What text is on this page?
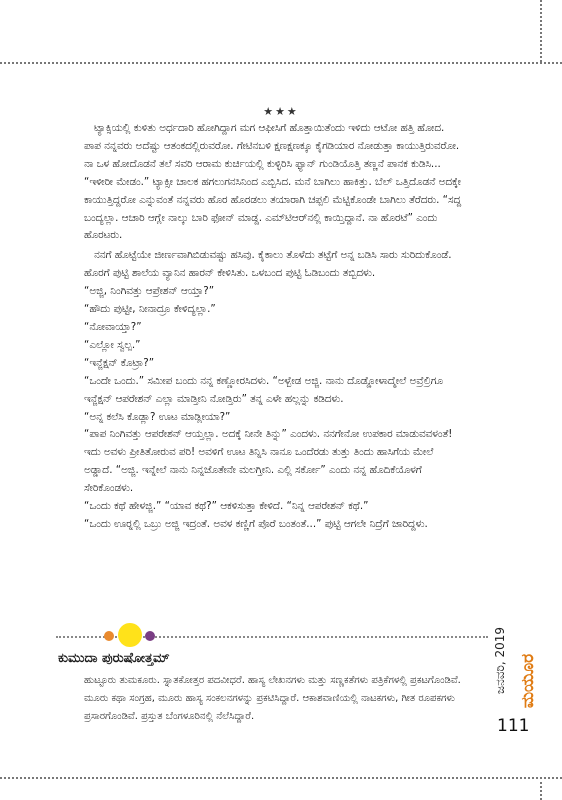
★★★

ಟ್ಯಾಕ್ಸಿಯಲ್ಲಿ ಕುಳಿತು ಅರ್ಧದಾರಿ ಹೋಗಿದ್ದಾಗ ಮಗ ಆಫೀಸಿಗೆ ಹೊತ್ತಾಯಿತೆಂದು ಇಳಿದು ಆಟೋ ಹತ್ತಿ ಹೋದ. ಪಾಪ ನನ್ನವರು ಅದೆಷ್ಟು ಆತಂಕದಲ್ಲಿರುವರೋ. ಗೇಟಿನಬಳಿ ಕ್ಷಣಕ್ಷಣಕ್ಕೂ ಕೈಗಡಿಯಾರ ನೋಡುತ್ತಾ ಕಾಯುತ್ತಿರುವರೋ. ನಾ ಒಳ ಹೋದೊಡನೆ ತಲೆ ಸವರಿ ಆರಾಮ ಕುರ್ಚಿಯಲ್ಲಿ ಕುಳ್ಳಿರಿಸಿ ಫ್ಯಾನ್ ಗುಂಡಿಯೊತ್ತಿ ತಣ್ಣನೆ ಪಾನಕ ಕುಡಿಸಿ... “ಇಳೀರೀ ಮೇಡಂ.” ಟ್ಯಾಕ್ಸೀ ಚಾಲಕ ಹಗಲುಗನಸಿನಿಂದ ಎಬ್ಬಿಸಿದ. ಮನೆ ಬಾಗಿಲು ಹಾಕಿತ್ತು. ಬೆಲ್ ಒತ್ತಿದೊಡನೆ ಅದಕ್ಕೇ ಕಾಯುತ್ತಿದ್ದರೋ ಎನ್ನುವಂತೆ ನನ್ನವರು ಹೊರ ಹೊರಡಲು ತಯಾರಾಗಿ ಚಪ್ಪಲಿ ಮೆಟ್ಟಿಕೊಂಡೇ ಬಾಗಿಲು ತೆರೆದರು. “ಸದ್ದ ಬಂದ್ಯಲ್ಲಾ. ಆಚಾರಿ ಆಗ್ಲೇ ನಾಲ್ಕು ಬಾರಿ ಫೋನ್ ಮಾಡ್ದ. ಎಮ್‌ಟಿಆರ್‌ನಲ್ಲಿ ಕಾಯ್ತಿದ್ದಾನೆ. ನಾ ಹೊರಟೆ” ಎಂದು ಹೊರಟರು.

ನನಗೆ ಹೊಟ್ಟೆಯೇ ಜೀರ್ಣವಾಗಿಬಿಡುವಷ್ಟು ಹಸಿವು. ಕೈಕಾಲು ತೊಳೆದು ತಟ್ಟೆಗೆ ಅನ್ನ ಬಡಿಸಿ ಸಾರು ಸುರಿದುಕೊಂಡೆ. ಹೊರಗೆ ಪುಟ್ಟಿ ಶಾಲೆಯ ವ್ಯಾನಿನ ಹಾರನ್ ಕೇಳಿಸಿತು. ಒಳಬಂದ ಪುಟ್ಟಿ ಓಡಿಬಂದು ತಬ್ಬಿದಳು.

“ಅಜ್ಜಿ, ನಿಂಗಿವತ್ತು ಆಪ್ರೇಶನ್ ಆಯ್ತಾ?”

“ಹೌದು ಪುಟ್ಟೀ, ನೀನಾದ್ರೂ ಕೇಳಿದ್ಯಲ್ಲಾ.”

“ನೋವಾಯ್ತಾ?”

“ಎಲ್ಲೋ ಸ್ವಲ್ಪ.”

“ಇನ್ಜೆಕ್ಷನ್ ಕೊಟ್ರಾ?”

“ಒಂದೇ ಒಂದು.” ಸಮೀಪ ಬಂದು ನನ್ನ ಕಣ್ಣೋರಸಿದಳು. “ಅಳ್ಬೇಡ ಅಜ್ಜಿ. ನಾನು ದೊಡ್ಡೋಳಾದ್ಮೇಲೆ ಅವ್ರೆಲ್ರಿಗೂ ಇನ್ಜೆಕ್ಷನ್ ಆಪರೇಶನ್ ಎಲ್ಲಾ ಮಾಡ್ತೀನಿ ನೋಡ್ತಿರು” ತನ್ನ ಎಳೇ ಹಲ್ಲನ್ನು ಕಡಿದಳು.

“ಅನ್ನ ಕಲೆಸಿ ಕೊಡ್ಲಾ? ಊಟ ಮಾಡ್ಲೀಯಾ?”

“ಪಾಪ ನಿಂಗಿವತ್ತು ಆಪರೇಶನ್ ಆಯ್ತಲ್ಲಾ. ಅದಕ್ಕೆ ನೀನೇ ತಿನ್ನು” ಎಂದಳು. ನನಗೇನೋ ಉಪಕಾರ ಮಾಡುವವಳಂತೆ! ಇದು ಅವಳು ಪ್ರೀತಿತೋರುವ ಪರಿ! ಅವಳಿಗೆ ಊಟ ತಿನ್ನಿಸಿ ನಾನೂ ಒಂದೆರಡು ತುತ್ತು ತಿಂದು ಹಾಸಿಗೆಯ ಮೇಲೆ ಅಡ್ಡಾದೆ. “ಅಜ್ಜಿ. ಇನ್ನೇಲೆ ನಾನು ನಿನ್ನಜೊತೇನೇ ಮಲಗ್ತೀನಿ. ಎಲ್ಲಿ ಸರ್ಕೋ” ಎಂದು ನನ್ನ ಹೊದಿಕೆಯೊಳಗೆ ಸೇರಿಕೊಂಡಳು.

“ಒಂದು ಕಥೆ ಹೇಳಜ್ಜಿ.” “ಯಾವ ಕಥೆ?” ಆಕಳಿಸುತ್ತಾ ಕೇಳಿದೆ. “ನಿನ್ನ ಆಪರೇಶನ್ ಕಥೆ.”

“ಒಂದು ಊರ್‍ನಲ್ಲಿ ಒಬ್ರು ಅಜ್ಜಿ ಇದ್ರಂತೆ. ಅವಳ ಕಣ್ಣಿಗೆ ಪೊರೆ ಬಂತಂತೆ...” ಪುಟ್ಟಿ ಆಗಲೇ ನಿದ್ರೆಗೆ ಜಾರಿದ್ದಳು.

ಕುಮುದಾ ಪುರುಷೋತ್ತಮ್

ಹುಟ್ಟೂರು ತುಮಕೂರು. ಸ್ನಾತಕೋತ್ತರ ಪದವೀಧರೆ. ಹಾಸ್ಯ ಲೇಖನಗಳು ಮತ್ತು ಸಣ್ಣಕತೆಗಳು ಪತ್ರಿಕೆಗಳಲ್ಲಿ ಪ್ರಕಟಗೊಂಡಿವೆ. ಮೂರು ಕಥಾ ಸಂಗ್ರಹ, ಮೂರು ಹಾಸ್ಯ ಸಂಕಲನಗಳನ್ನು ಪ್ರಕಟಿಸಿದ್ದಾರೆ. ಆಕಾಶವಾಣಿಯಲ್ಲಿ ನಾಟಕಗಳು, ಗೀತ ರೂಪಕಗಳು ಪ್ರಸಾರಗೊಂಡಿವೆ. ಪ್ರಸ್ತುತ ಬೆಂಗಳೂರಿನಲ್ಲಿ ನೆಲೆಸಿದ್ದಾರೆ.

ಜನವರಿ, 2019 ಮಯೂರ
111
